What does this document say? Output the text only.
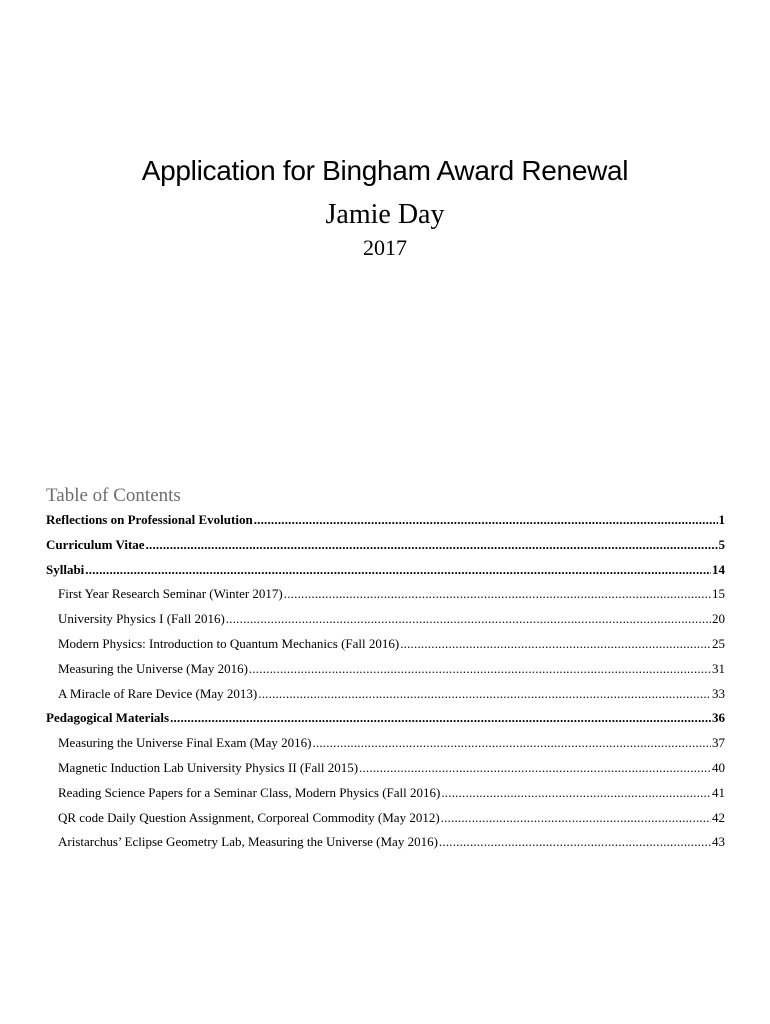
Application for Bingham Award Renewal
Jamie Day
2017
Table of Contents
Reflections on Professional Evolution .....	1
Curriculum Vitae .....	5
Syllabi .....	14
First Year Research Seminar (Winter 2017) .....	15
University Physics I (Fall 2016) .....	20
Modern Physics: Introduction to Quantum Mechanics (Fall 2016) .....	25
Measuring the Universe (May 2016) .....	31
A Miracle of Rare Device (May 2013) .....	33
Pedagogical Materials .....	36
Measuring the Universe Final Exam (May 2016) .....	37
Magnetic Induction Lab University Physics II (Fall 2015) .....	40
Reading Science Papers for a Seminar Class, Modern Physics (Fall 2016) .....	41
QR code Daily Question Assignment, Corporeal Commodity (May 2012) .....	42
Aristarchus’ Eclipse Geometry Lab, Measuring the Universe (May 2016) .....	43
